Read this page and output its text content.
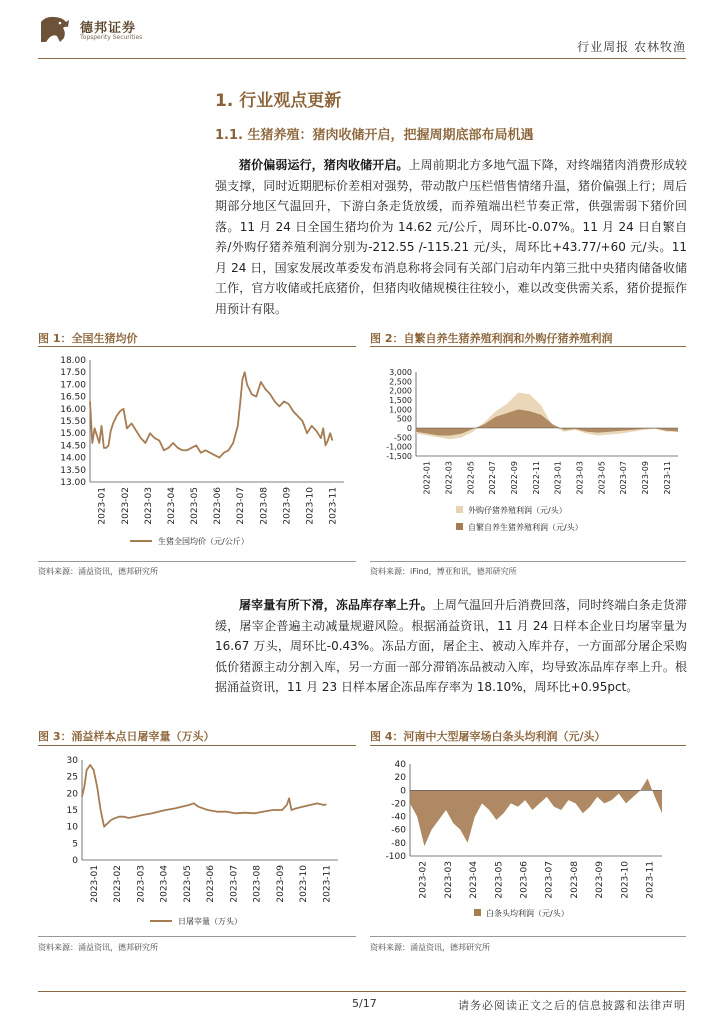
德邦证券
Topsperity Securities
行业周报 农林牧渔
1. 行业观点更新
1.1. 生猪养殖：猪肉收储开启，把握周期底部布局机遇
猪价偏弱运行，猪肉收储开启。上周前期北方多地气温下降，对终端猪肉消费形成较强支撑，同时近期肥标价差相对强势，带动散户压栏惜售情绪升温，猪价偏强上行；周后期部分地区气温回升，下游白条走货放缓，而养殖端出栏节奏正常，供强需弱下猪价回落。11 月 24 日全国生猪均价为 14.62 元/公斤，周环比-0.07%。11 月 24 日自繁自养/外购仔猪养殖利润分别为-212.55 /-115.21 元/头，周环比+43.77/+60 元/头。11 月 24 日，国家发展改革委发布消息称将会同有关部门启动年内第三批中央猪肉储备收储工作，官方收储或托底猪价，但猪肉收储规模往往较小，难以改变供需关系，猪价提振作用预计有限。
图 1：全国生猪均价	图 2：自繁自养生猪养殖利润和外购仔猪养殖利润
18.00
17.50
17.00
16.50
16.00
15.50
15.00
14.50
14.00
13.50
13.00
2023-01 2023-02 2023-03 2023-04 2023-05 2023-06 2023-07 2023-08 2023-09 2023-10 2023-11
生猪全国均价（元/公斤）
3,000
2,500
2,000
1,500
1,000
500
0
-500
-1,000
-1,500
2022-01 2022-03 2022-05 2022-07 2022-09 2022-11 2023-01 2023-03 2023-05 2023-07 2023-09 2023-11
外购仔猪养殖利润（元/头）
自繁自养生猪养殖利润（元/头）
资料来源：涌益资讯，德邦研究所	资料来源：iFind，博亚和讯，德邦研究所
屠宰量有所下滑，冻品库存率上升。上周气温回升后消费回落，同时终端白条走货滞缓，屠宰企普遍主动减量规避风险。根据涌益资讯，11 月 24 日样本企业日均屠宰量为 16.67 万头，周环比-0.43%。冻品方面，屠企主、被动入库并存，一方面部分屠企采购低价猪源主动分割入库，另一方面一部分滞销冻品被动入库，均导致冻品库存率上升。根据涌益资讯，11 月 23 日样本屠企冻品库存率为 18.10%，周环比+0.95pct。
图 3：涌益样本点日屠宰量（万头）	图 4：河南中大型屠宰场白条头均利润（元/头）
30
25
20
15
10
5
0
2023-01 2023-02 2023-03 2023-04 2023-05 2023-06 2023-07 2023-08 2023-09 2023-10 2023-11
日屠宰量（万头）
40
20
0
-20
-40
-60
-80
-100
2023-02 2023-03 2023-04 2023-05 2023-06 2023-07 2023-08 2023-09 2023-10 2023-11
白条头均利润（元/头）
资料来源：涌益资讯，德邦研究所	资料来源：涌益资讯，德邦研究所
5/17	请务必阅读正文之后的信息披露和法律声明
